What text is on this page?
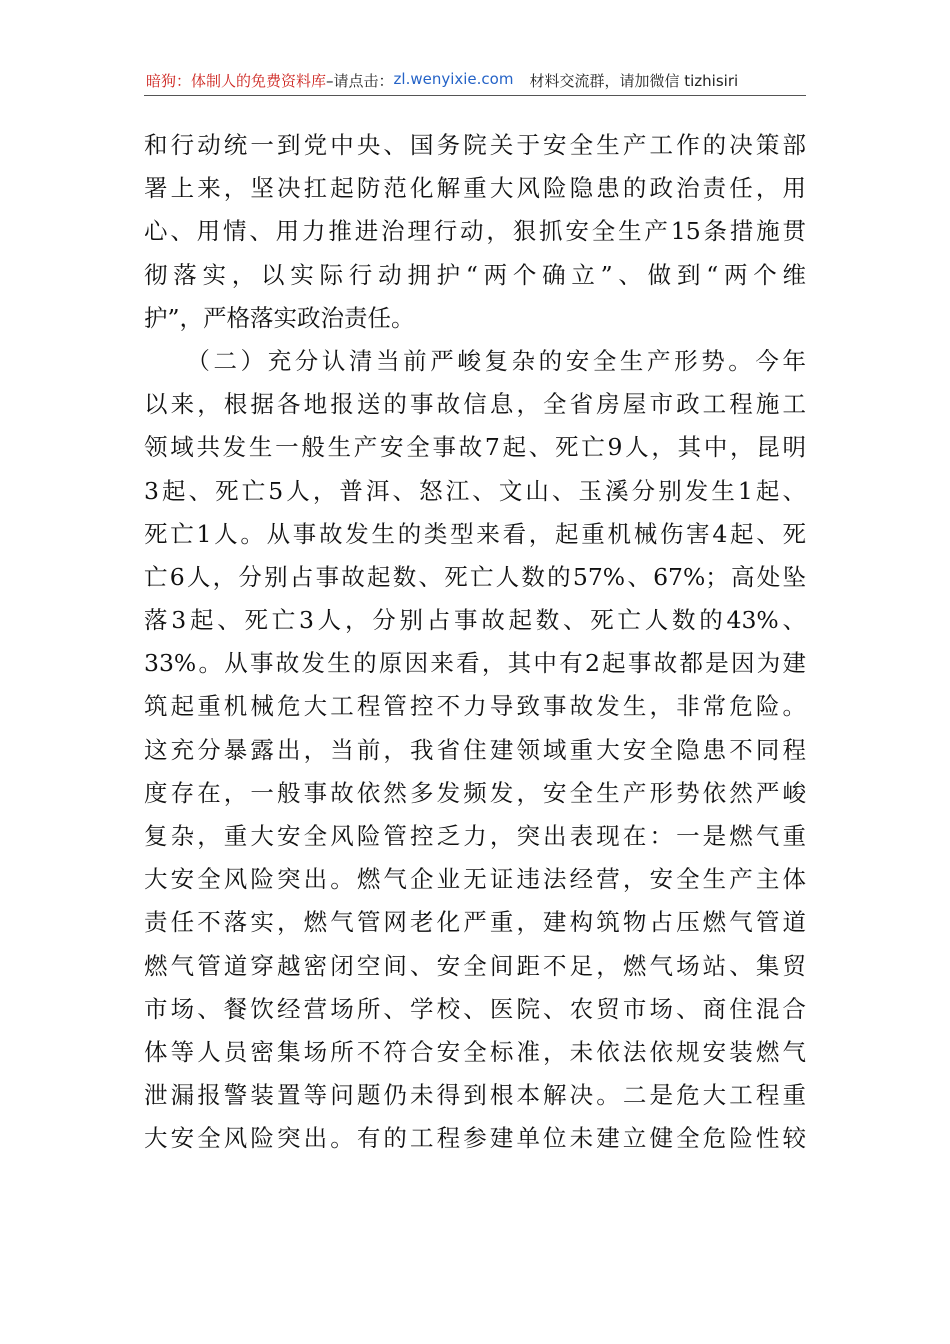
暗狗：体制人的免费资料库–请点击：zl.wenyixie.com 材料交流群，请加微信 tizhisiri
和行动统一到党中央、国务院关于安全生产工作的决策部
署上来，坚决扛起防范化解重大风险隐患的政治责任，用
心、用情、用力推进治理行动，狠抓安全生产15条措施贯
彻落实，以实际行动拥护“两个确立”、做到“两个维
护”，严格落实政治责任。
　　（二）充分认清当前严峻复杂的安全生产形势。今年
以来，根据各地报送的事故信息，全省房屋市政工程施工
领域共发生一般生产安全事故7起、死亡9人，其中，昆明
3起、死亡5人，普洱、怒江、文山、玉溪分别发生1起、
死亡1人。从事故发生的类型来看，起重机械伤害4起、死
亡6人，分别占事故起数、死亡人数的57%、67%；高处坠
落3起、死亡3人，分别占事故起数、死亡人数的43%、
33%。从事故发生的原因来看，其中有2起事故都是因为建
筑起重机械危大工程管控不力导致事故发生，非常危险。
这充分暴露出，当前，我省住建领域重大安全隐患不同程
度存在，一般事故依然多发频发，安全生产形势依然严峻
复杂，重大安全风险管控乏力，突出表现在：一是燃气重
大安全风险突出。燃气企业无证违法经营，安全生产主体
责任不落实，燃气管网老化严重，建构筑物占压燃气管道
燃气管道穿越密闭空间、安全间距不足，燃气场站、集贸
市场、餐饮经营场所、学校、医院、农贸市场、商住混合
体等人员密集场所不符合安全标准，未依法依规安装燃气
泄漏报警装置等问题仍未得到根本解决。二是危大工程重
大安全风险突出。有的工程参建单位未建立健全危险性较
